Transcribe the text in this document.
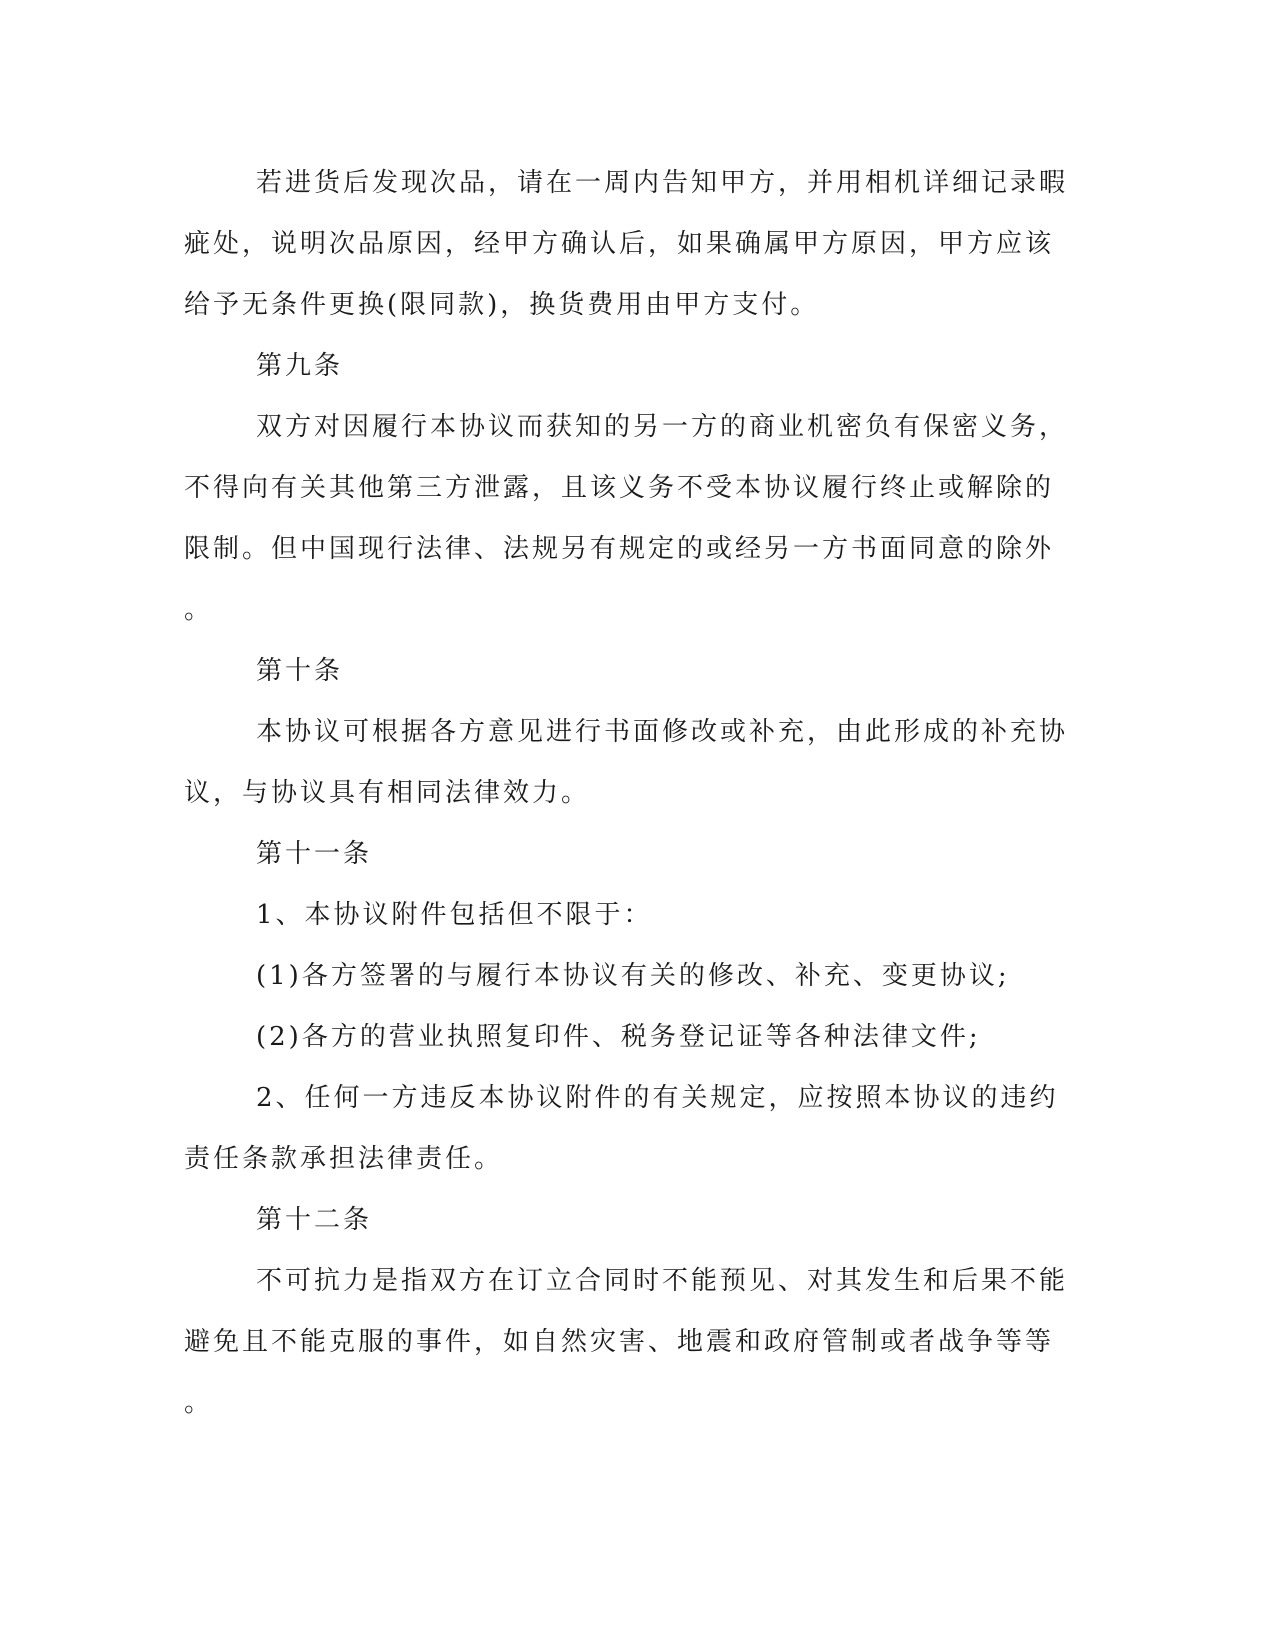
若进货后发现次品，请在一周内告知甲方，并用相机详细记录暇
疵处，说明次品原因，经甲方确认后，如果确属甲方原因，甲方应该
给予无条件更换(限同款)，换货费用由甲方支付。
第九条
双方对因履行本协议而获知的另一方的商业机密负有保密义务，
不得向有关其他第三方泄露，且该义务不受本协议履行终止或解除的
限制。但中国现行法律、法规另有规定的或经另一方书面同意的除外
。
第十条
本协议可根据各方意见进行书面修改或补充，由此形成的补充协
议，与协议具有相同法律效力。
第十一条
1、本协议附件包括但不限于：
(1)各方签署的与履行本协议有关的修改、补充、变更协议;
(2)各方的营业执照复印件、税务登记证等各种法律文件;
2、任何一方违反本协议附件的有关规定，应按照本协议的违约
责任条款承担法律责任。
第十二条
不可抗力是指双方在订立合同时不能预见、对其发生和后果不能
避免且不能克服的事件，如自然灾害、地震和政府管制或者战争等等
。
